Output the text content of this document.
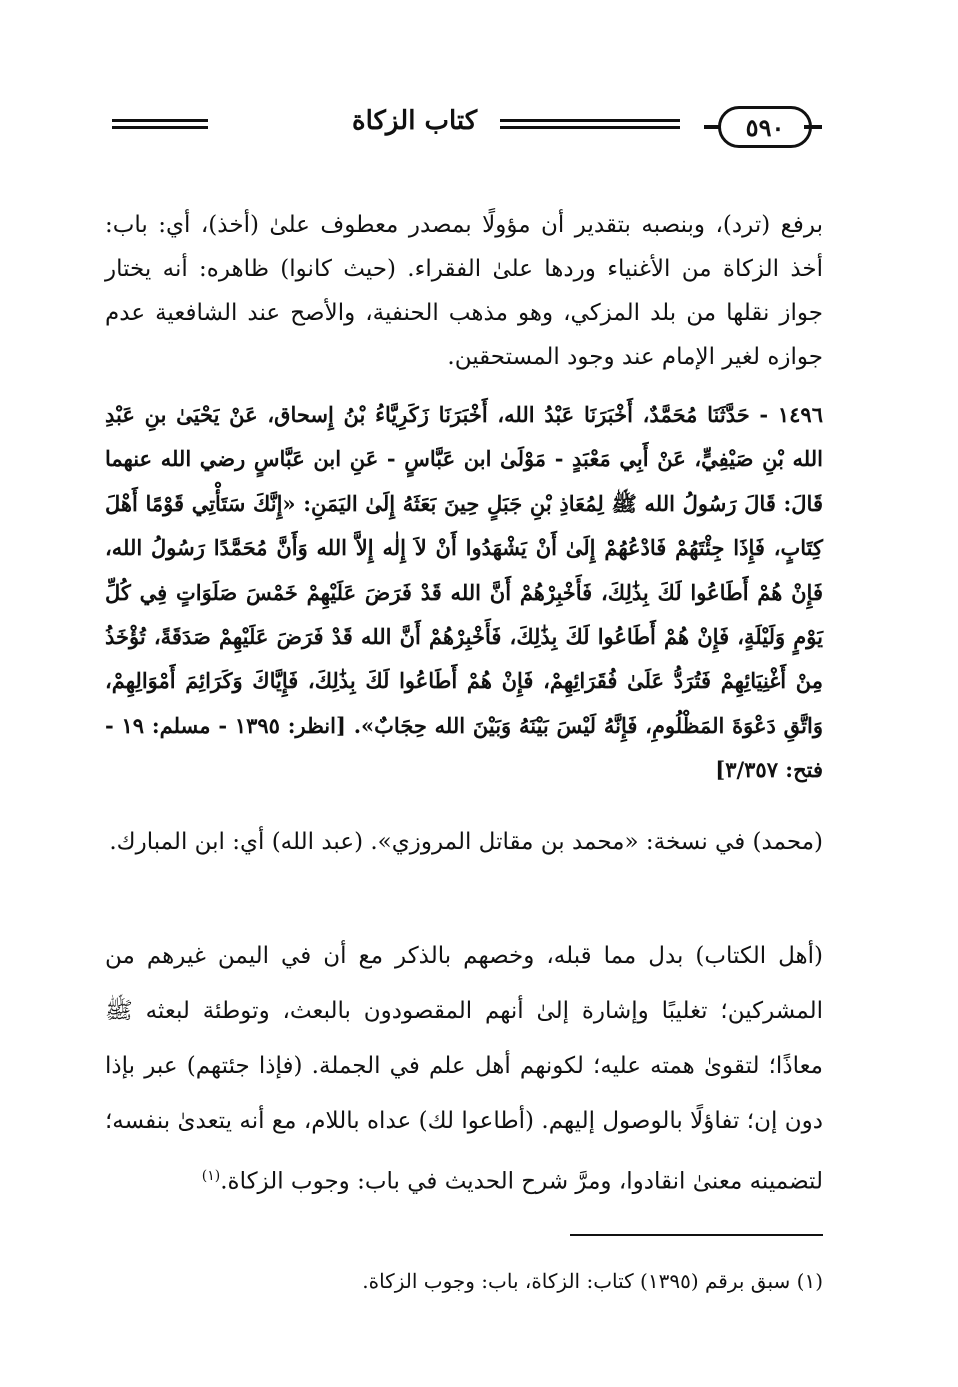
كتاب الزكاة	٥٩٠

برفع (ترد)، وبنصبه بتقدير أن مؤولًا بمصدر معطوف علىٰ (أخذ)، أي: باب: أخذ الزكاة من الأغنياء وردها علىٰ الفقراء. (حيث كانوا) ظاهره: أنه يختار جواز نقلها من بلد المزكي، وهو مذهب الحنفية، والأصح عند الشافعية عدم جوازه لغير الإمام عند وجود المستحقين.

١٤٩٦ - حَدَّثَنَا مُحَمَّدٌ، أَخْبَرَنَا عَبْدُ الله، أَخْبَرَنَا زَكَرِيَّاءُ بْنُ إِسحاق، عَنْ يَحْيَىٰ بنِ عَبْدِ الله بْنِ صَيْفِيٍّ، عَنْ أَبِي مَعْبَدٍ - مَوْلَىٰ ابن عَبَّاسٍ - عَنِ ابن عَبَّاسٍ رضي الله عنهما قَالَ: قَالَ رَسُولُ الله ﷺ لِمُعَاذِ بْنِ جَبَلٍ حِينَ بَعَثَهُ إِلَىٰ اليَمَنِ: «إِنَّكَ سَتَأْتِي قَوْمًا أَهْلَ كِتَابٍ، فَإِذَا جِئْتَهُمْ فَادْعُهُمْ إِلَىٰ أَنْ يَشْهَدُوا أَنْ لاَ إِلٰه إِلاَّ الله وَأَنَّ مُحَمَّدًا رَسُولُ الله، فَإِنْ هُمْ أَطَاعُوا لَكَ بِذَٰلِكَ، فَأَخْبِرْهُمْ أَنَّ الله قَدْ فَرَضَ عَلَيْهِمْ خَمْسَ صَلَوَاتٍ فِي كُلِّ يَوْمٍ وَلَيْلَةٍ، فَإِنْ هُمْ أَطَاعُوا لَكَ بِذَٰلِكَ، فَأَخْبِرْهُمْ أَنَّ الله قَدْ فَرَضَ عَلَيْهِمْ صَدَقَةً، تُؤْخَذُ مِنْ أَغْنِيَائِهِمْ فَتُرَدُّ عَلَىٰ فُقَرَائِهِمْ، فَإِنْ هُمْ أَطَاعُوا لَكَ بِذَٰلِكَ، فَإِيَّاكَ وَكَرَائِمَ أَمْوَالِهِمْ، وَاتَّقِ دَعْوَةَ المَظْلُومِ، فَإِنَّهُ لَيْسَ بَيْنَهُ وَبَيْنَ الله حِجَابٌ». [انظر: ١٣٩٥ - مسلم: ١٩ - فتح: ٣/٣٥٧]

(محمد) في نسخة: «محمد بن مقاتل المروزي». (عبد الله) أي: ابن المبارك.

(أهل الكتاب) بدل مما قبله، وخصهم بالذكر مع أن في اليمن غيرهم من المشركين؛ تغليبًا وإشارة إلىٰ أنهم المقصودون بالبعث، وتوطئة لبعثه ﷺ معاذًا؛ لتقوىٰ همته عليه؛ لكونهم أهل علم في الجملة. (فإذا جئتهم) عبر بإذا دون إن؛ تفاؤلًا بالوصول إليهم. (أطاعوا لك) عداه باللام، مع أنه يتعدىٰ بنفسه؛ لتضمينه معنىٰ انقادوا، ومرَّ شرح الحديث في باب: وجوب الزكاة.$^{(١)}$

(١) سبق برقم (١٣٩٥) كتاب: الزكاة، باب: وجوب الزكاة.
